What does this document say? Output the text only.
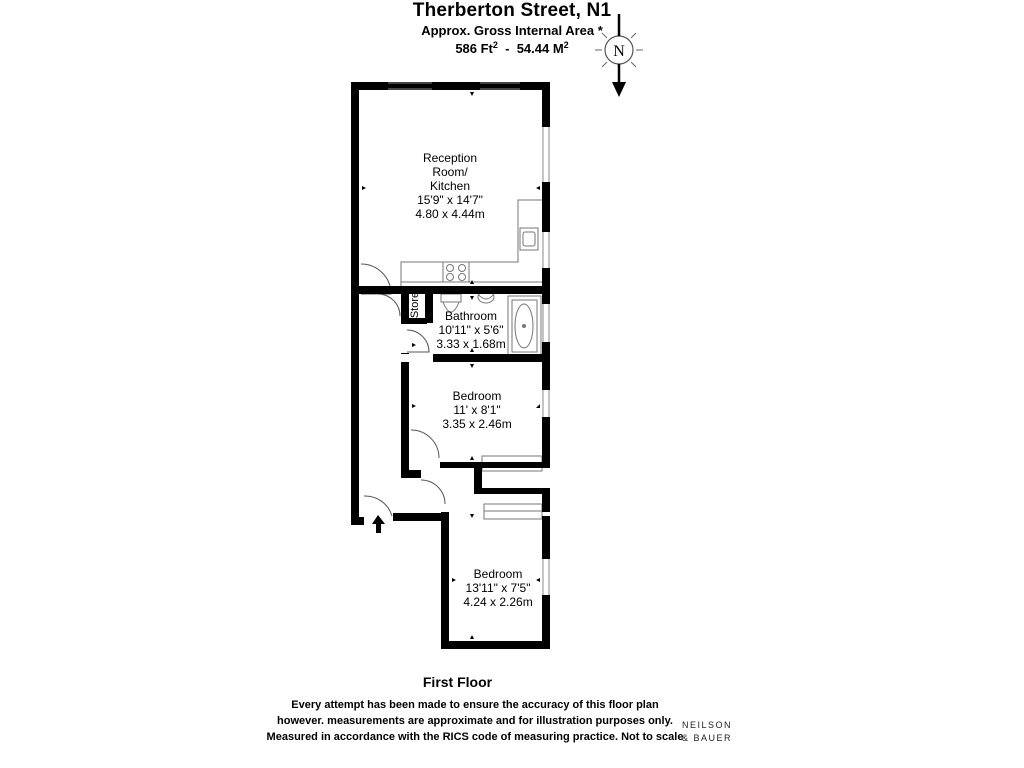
Therberton Street, N1
Approx. Gross Internal Area *
586 Ft$^2$  -  54.44 $M^2$	N
Store
Reception
Room/
Kitchen
15'9" x 14'7"
4.80 x 4.44m
Bathroom
10'11" x 5'6"
3.33 x 1.68m
Bedroom
11' x 8'1"
3.35 x 2.46m
Bedroom
13'11" x 7'5"
4.24 x 2.26m
First Floor
Every attempt has been made to ensure the accuracy of this floor plan
however. measurements are approximate and for illustration purposes only.
Measured in accordance with the RICS code of measuring practice. Not to scale
NEILSON
& BAUER
